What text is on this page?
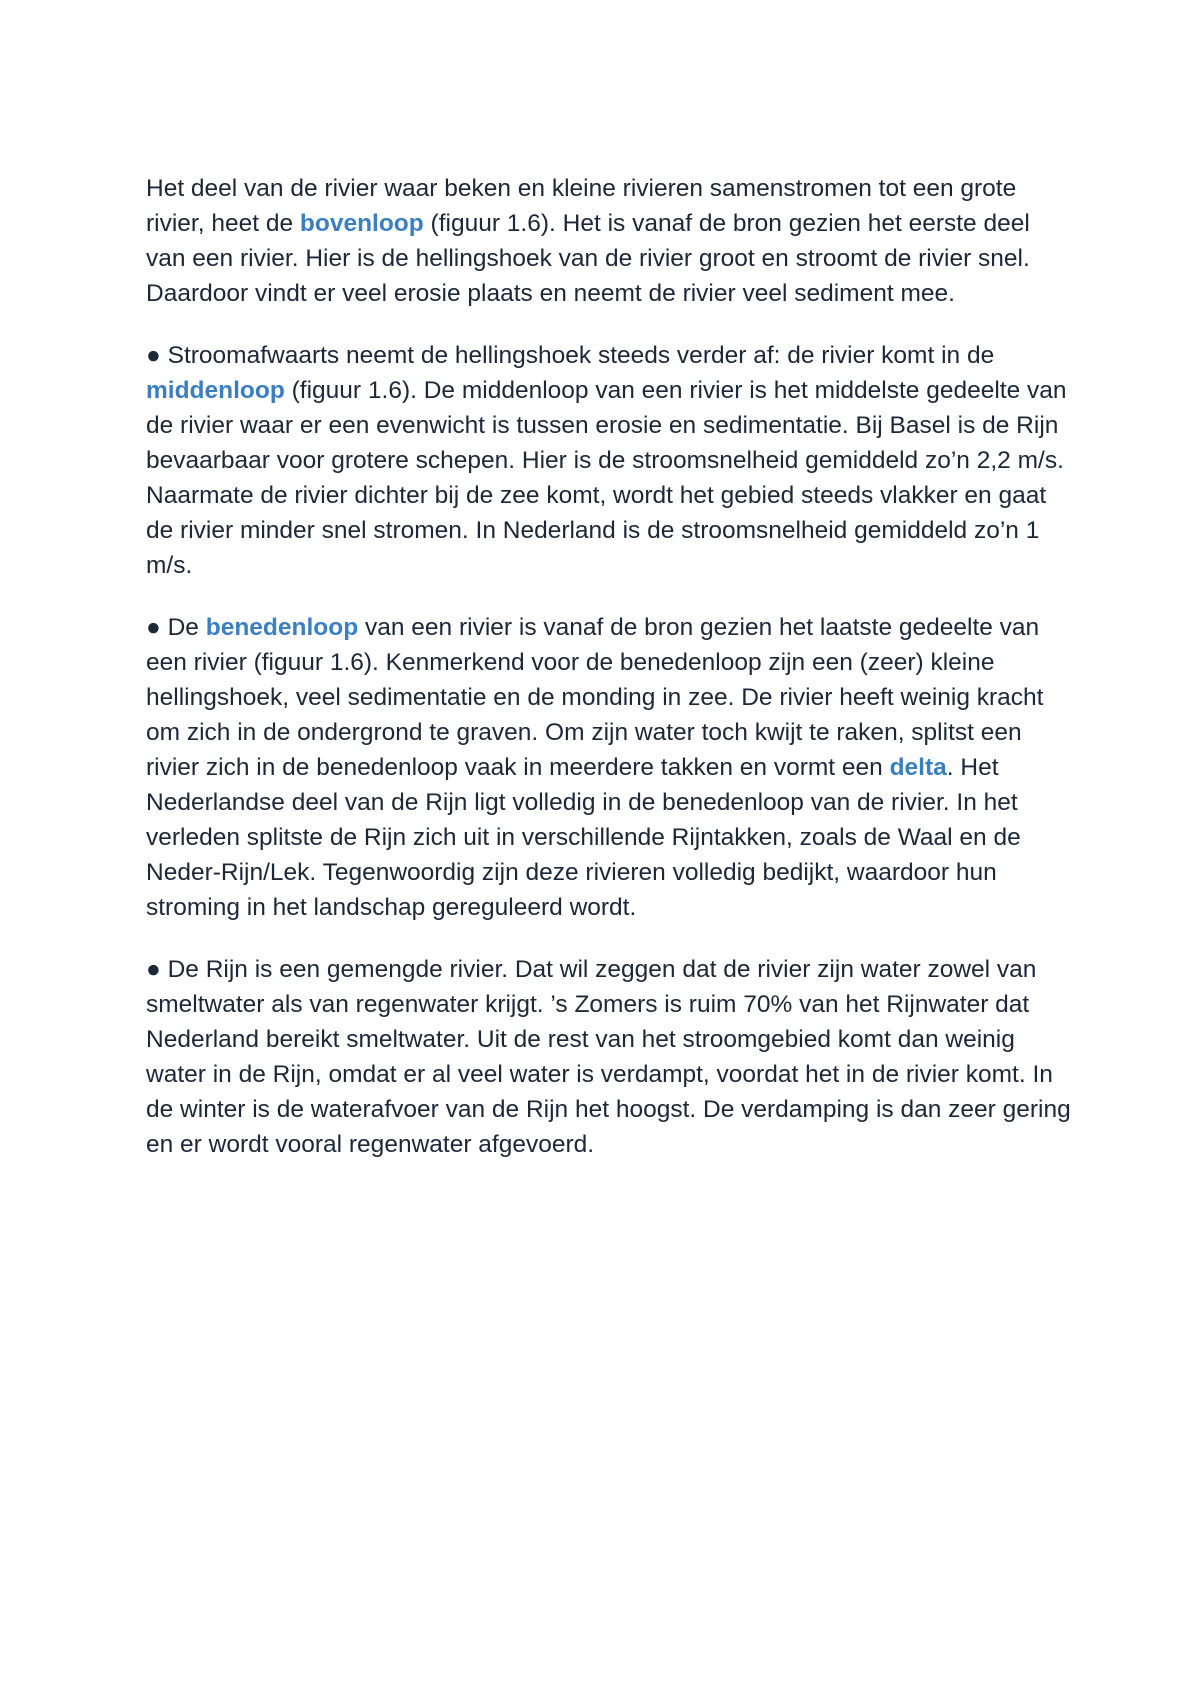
Het deel van de rivier waar beken en kleine rivieren samenstromen tot een grote rivier, heet de bovenloop (figuur 1.6). Het is vanaf de bron gezien het eerste deel van een rivier. Hier is de hellingshoek van de rivier groot en stroomt de rivier snel. Daardoor vindt er veel erosie plaats en neemt de rivier veel sediment mee.

● Stroomafwaarts neemt de hellingshoek steeds verder af: de rivier komt in de middenloop (figuur 1.6). De middenloop van een rivier is het middelste gedeelte van de rivier waar er een evenwicht is tussen erosie en sedimentatie. Bij Basel is de Rijn bevaarbaar voor grotere schepen. Hier is de stroomsnelheid gemiddeld zo’n 2,2 m/s. Naarmate de rivier dichter bij de zee komt, wordt het gebied steeds vlakker en gaat de rivier minder snel stromen. In Nederland is de stroomsnelheid gemiddeld zo’n 1 m/s.

● De benedenloop van een rivier is vanaf de bron gezien het laatste gedeelte van een rivier (figuur 1.6). Kenmerkend voor de benedenloop zijn een (zeer) kleine hellingshoek, veel sedimentatie en de monding in zee. De rivier heeft weinig kracht om zich in de ondergrond te graven. Om zijn water toch kwijt te raken, splitst een rivier zich in de benedenloop vaak in meerdere takken en vormt een delta. Het Nederlandse deel van de Rijn ligt volledig in de benedenloop van de rivier. In het verleden splitste de Rijn zich uit in verschillende Rijntakken, zoals de Waal en de Neder-Rijn/Lek. Tegenwoordig zijn deze rivieren volledig bedijkt, waardoor hun stroming in het landschap gereguleerd wordt.

● De Rijn is een gemengde rivier. Dat wil zeggen dat de rivier zijn water zowel van smeltwater als van regenwater krijgt. ’s Zomers is ruim 70% van het Rijnwater dat Nederland bereikt smeltwater. Uit de rest van het stroomgebied komt dan weinig water in de Rijn, omdat er al veel water is verdampt, voordat het in de rivier komt. In de winter is de waterafvoer van de Rijn het hoogst. De verdamping is dan zeer gering en er wordt vooral regenwater afgevoerd.
